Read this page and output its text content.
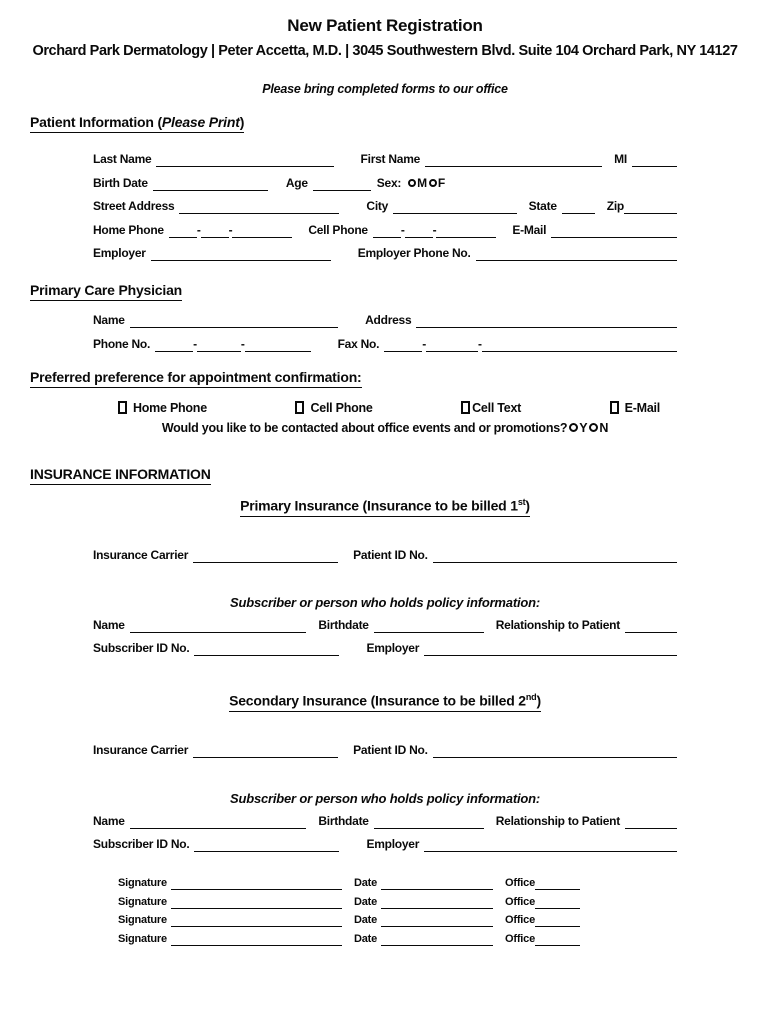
New Patient Registration
Orchard Park Dermatology | Peter Accetta, M.D. | 3045 Southwestern Blvd. Suite 104 Orchard Park, NY 14127
Please bring completed forms to our office
Patient Information (Please Print)
Last Name	First Name	MI
Birth Date	Age	Sex: M F
Street Address	City	State	Zip
Home Phone	- -	Cell Phone	- -	E-Mail
Employer	Employer Phone No.
Primary Care Physician
Name	Address
Phone No.	-	-	Fax No.	-	-
Preferred preference for appointment confirmation:
Home Phone	Cell Phone	Cell Text	E-Mail
Would you like to be contacted about office events and or promotions? Y N
INSURANCE INFORMATION
Primary Insurance (Insurance to be billed 1st)
Insurance Carrier	Patient ID No.
Subscriber or person who holds policy information:
Name	Birthdate	Relationship to Patient
Subscriber ID No.	Employer
Secondary Insurance (Insurance to be billed 2nd)
Insurance Carrier	Patient ID No.
Subscriber or person who holds policy information:
Name	Birthdate	Relationship to Patient
Subscriber ID No.	Employer
Signature	Date	Office
Signature	Date	Office
Signature	Date	Office
Signature	Date	Office
